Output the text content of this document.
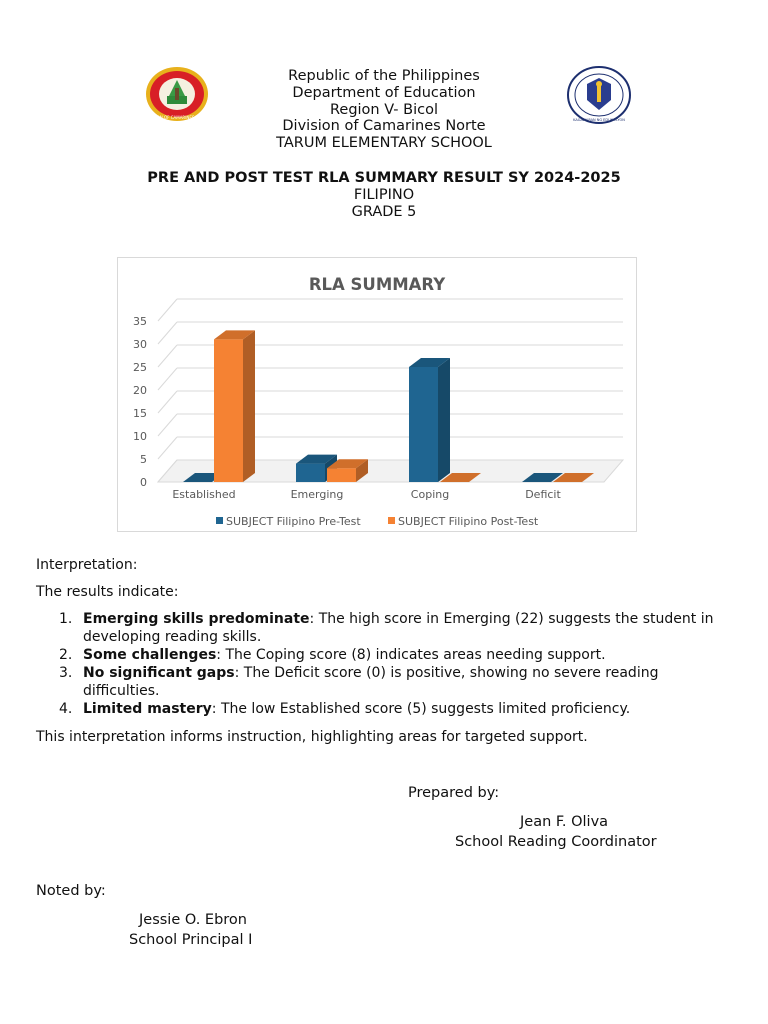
DIVISION OF CAMARINES NORTE	KAGAWARAN NG EDUKASYON
Republic of the Philippines
Department of Education
Region V- Bicol
Division of Camarines Norte
TARUM ELEMENTARY SCHOOL
PRE AND POST TEST RLA SUMMARY RESULT SY 2024-2025
FILIPINO
GRADE 5
RLA SUMMARY
0
5
10
15
20
25
30
35
Established	Emerging	Coping	Deficit
SUBJECT Filipino Pre-Test	SUBJECT Filipino Post-Test
Interpretation:
The results indicate:
1. Emerging skills predominate: The high score in Emerging (22) suggests the student in developing reading skills.
2. Some challenges: The Coping score (8) indicates areas needing support.
3. No significant gaps: The Deficit score (0) is positive, showing no severe reading difficulties.
4. Limited mastery: The low Established score (5) suggests limited proficiency.
This interpretation informs instruction, highlighting areas for targeted support.
Prepared by:
Jean F. Oliva
School Reading Coordinator
Noted by:
Jessie O. Ebron
School Principal I
